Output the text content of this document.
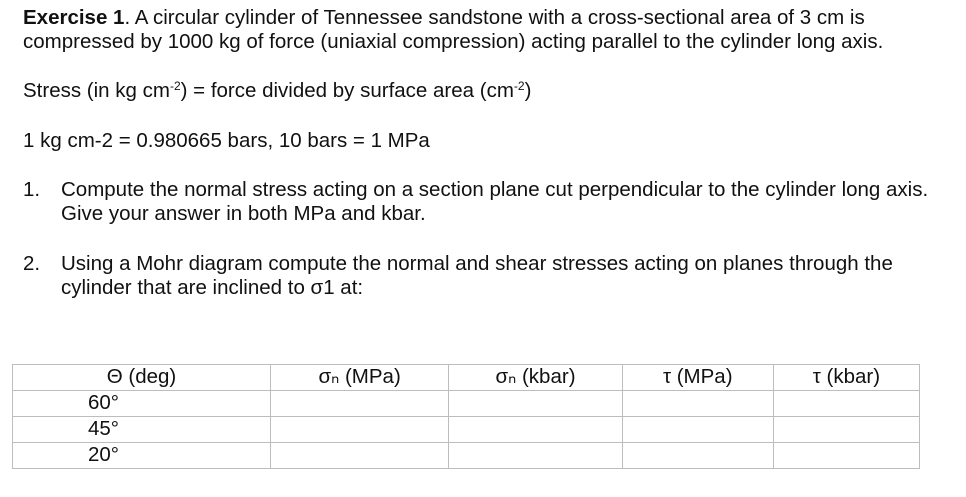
Exercise 1. A circular cylinder of Tennessee sandstone with a cross-sectional area of 3 cm is compressed by 1000 kg of force (uniaxial compression) acting parallel to the cylinder long axis.

Stress (in kg $cm^{-2}$) = force divided by surface area $(cm^{-2})$

1 kg cm-2 = 0.980665 bars, 10 bars = 1 MPa

1.	Compute the normal stress acting on a section plane cut perpendicular to the cylinder long axis. Give your answer in both MPa and kbar.

2.	Using a Mohr diagram compute the normal and shear stresses acting on planes through the cylinder that are inclined to σ1 at:

Θ (deg)	σₙ (MPa)	σₙ (kbar)	τ (MPa)	τ (kbar)
60°				
45°				
20°				
